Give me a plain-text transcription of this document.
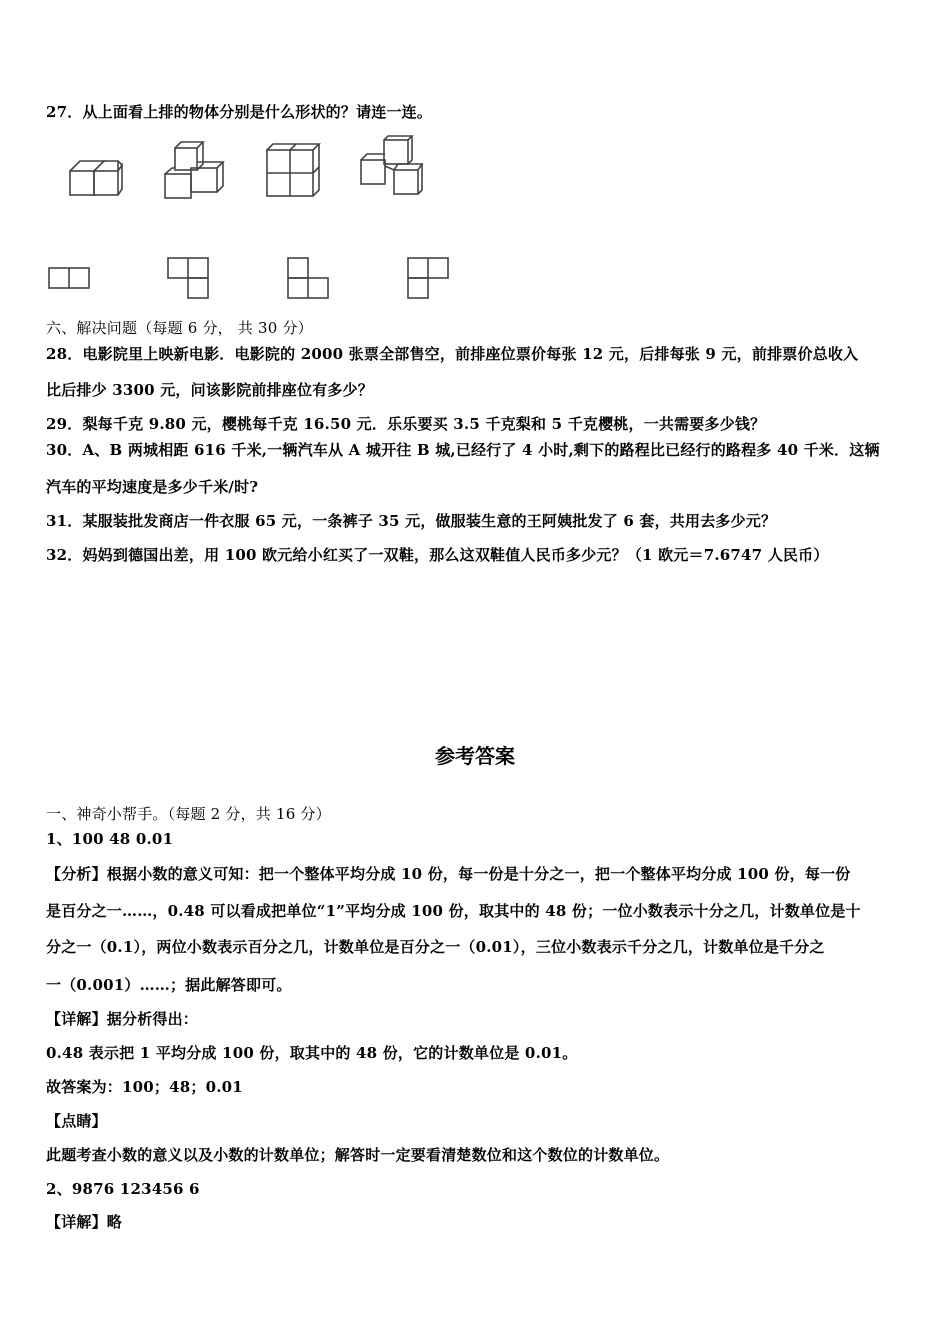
27．从上面看上排的物体分别是什么形状的？请连一连。
六、解决问题（每题 6 分， 共 30 分）
28．电影院里上映新电影．电影院的 2000 张票全部售空，前排座位票价每张 12 元，后排每张 9 元，前排票价总收入
比后排少 3300 元，问该影院前排座位有多少？
29．梨每千克 9.80 元，樱桃每千克 16.50 元．乐乐要买 3.5 千克梨和 5 千克樱桃，一共需要多少钱？
30．A、B 两城相距 616 千米,一辆汽车从 A 城开往 B 城,已经行了 4 小时,剩下的路程比已经行的路程多 40 千米．这辆
汽车的平均速度是多少千米/时?
31．某服装批发商店一件衣服 65 元，一条裤子 35 元，做服装生意的王阿姨批发了 6 套，共用去多少元？
32．妈妈到德国出差，用 100 欧元给小红买了一双鞋，那么这双鞋值人民币多少元？（1 欧元＝7.6747 人民币）
参考答案
一、神奇小帮手。（每题 2 分，共 16 分）
1、100 48 0.01
【分析】根据小数的意义可知：把一个整体平均分成 10 份，每一份是十分之一，把一个整体平均分成 100 份，每一份
是百分之一……，0.48 可以看成把单位“1”平均分成 100 份，取其中的 48 份；一位小数表示十分之几，计数单位是十
分之一（0.1），两位小数表示百分之几，计数单位是百分之一（0.01），三位小数表示千分之几，计数单位是千分之
一（0.001）……；据此解答即可。
【详解】据分析得出：
0.48 表示把 1 平均分成 100 份，取其中的 48 份，它的计数单位是 0.01。
故答案为：100；48；0.01
【点睛】
此题考查小数的意义以及小数的计数单位；解答时一定要看清楚数位和这个数位的计数单位。
2、9876 123456 6
【详解】略
